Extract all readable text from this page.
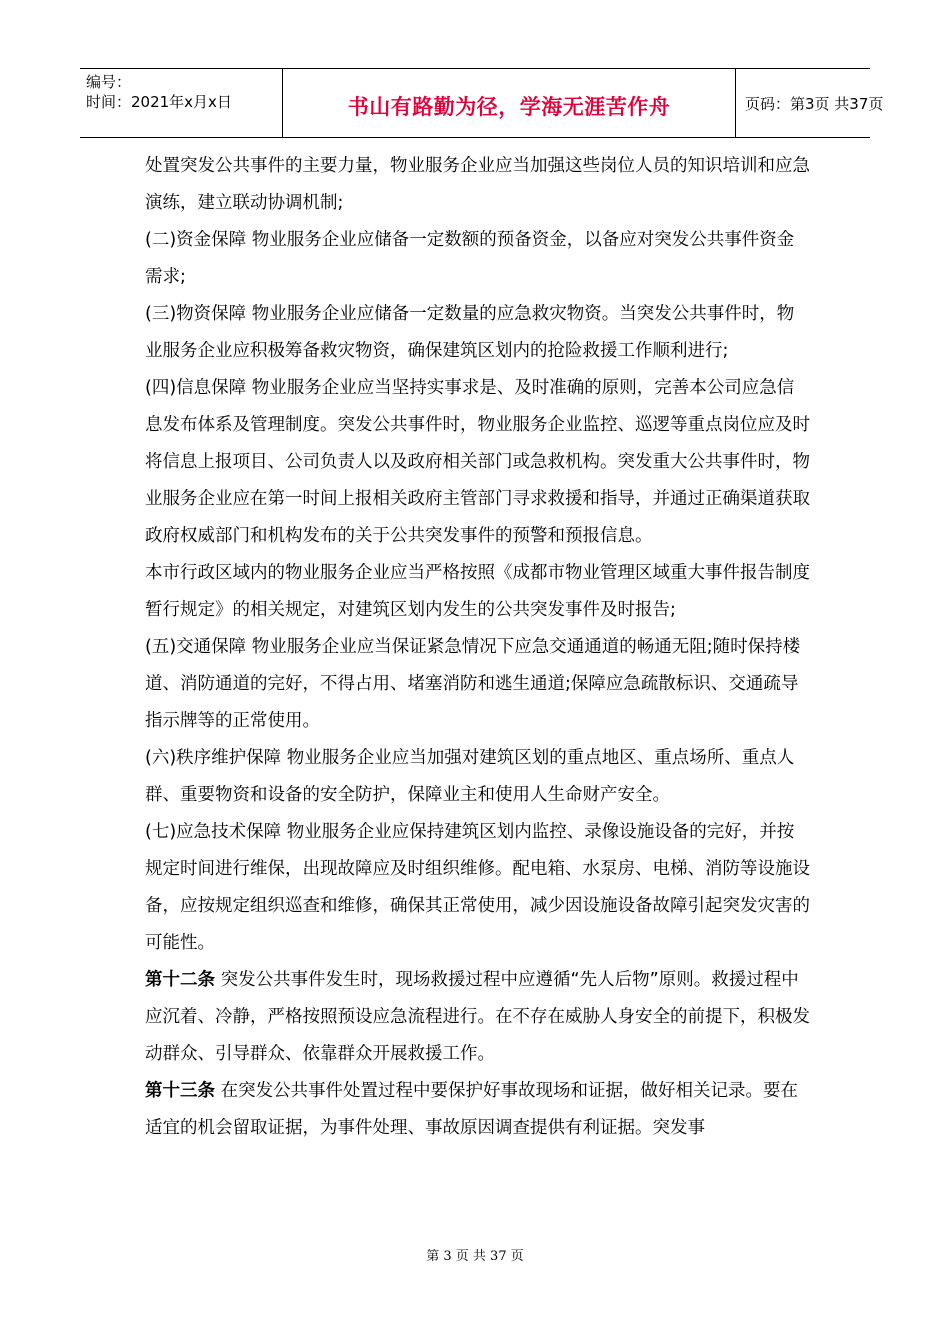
编号：
时间：2021年x月x日	书山有路勤为径，学海无涯苦作舟	页码：第3页 共37页

处置突发公共事件的主要力量，物业服务企业应当加强这些岗位人员的知识培训和应急演练，建立联动协调机制;

(二)资金保障 物业服务企业应储备一定数额的预备资金，以备应对突发公共事件资金需求;

(三)物资保障 物业服务企业应储备一定数量的应急救灾物资。当突发公共事件时，物业服务企业应积极筹备救灾物资，确保建筑区划内的抢险救援工作顺利进行;

(四)信息保障 物业服务企业应当坚持实事求是、及时准确的原则，完善本公司应急信息发布体系及管理制度。突发公共事件时，物业服务企业监控、巡逻等重点岗位应及时将信息上报项目、公司负责人以及政府相关部门或急救机构。突发重大公共事件时，物业服务企业应在第一时间上报相关政府主管部门寻求救援和指导，并通过正确渠道获取政府权威部门和机构发布的关于公共突发事件的预警和预报信息。

本市行政区域内的物业服务企业应当严格按照《成都市物业管理区域重大事件报告制度暂行规定》的相关规定，对建筑区划内发生的公共突发事件及时报告;

(五)交通保障 物业服务企业应当保证紧急情况下应急交通通道的畅通无阻;随时保持楼道、消防通道的完好，不得占用、堵塞消防和逃生通道;保障应急疏散标识、交通疏导指示牌等的正常使用。

(六)秩序维护保障 物业服务企业应当加强对建筑区划的重点地区、重点场所、重点人群、重要物资和设备的安全防护，保障业主和使用人生命财产安全。

(七)应急技术保障 物业服务企业应保持建筑区划内监控、录像设施设备的完好，并按规定时间进行维保，出现故障应及时组织维修。配电箱、水泵房、电梯、消防等设施设备，应按规定组织巡查和维修，确保其正常使用，减少因设施设备故障引起突发灾害的可能性。

第十二条 突发公共事件发生时，现场救援过程中应遵循“先人后物”原则。救援过程中应沉着、冷静，严格按照预设应急流程进行。在不存在威胁人身安全的前提下，积极发动群众、引导群众、依靠群众开展救援工作。

第十三条 在突发公共事件处置过程中要保护好事故现场和证据，做好相关记录。要在适宜的机会留取证据，为事件处理、事故原因调查提供有利证据。突发事

第 3 页 共 37 页
